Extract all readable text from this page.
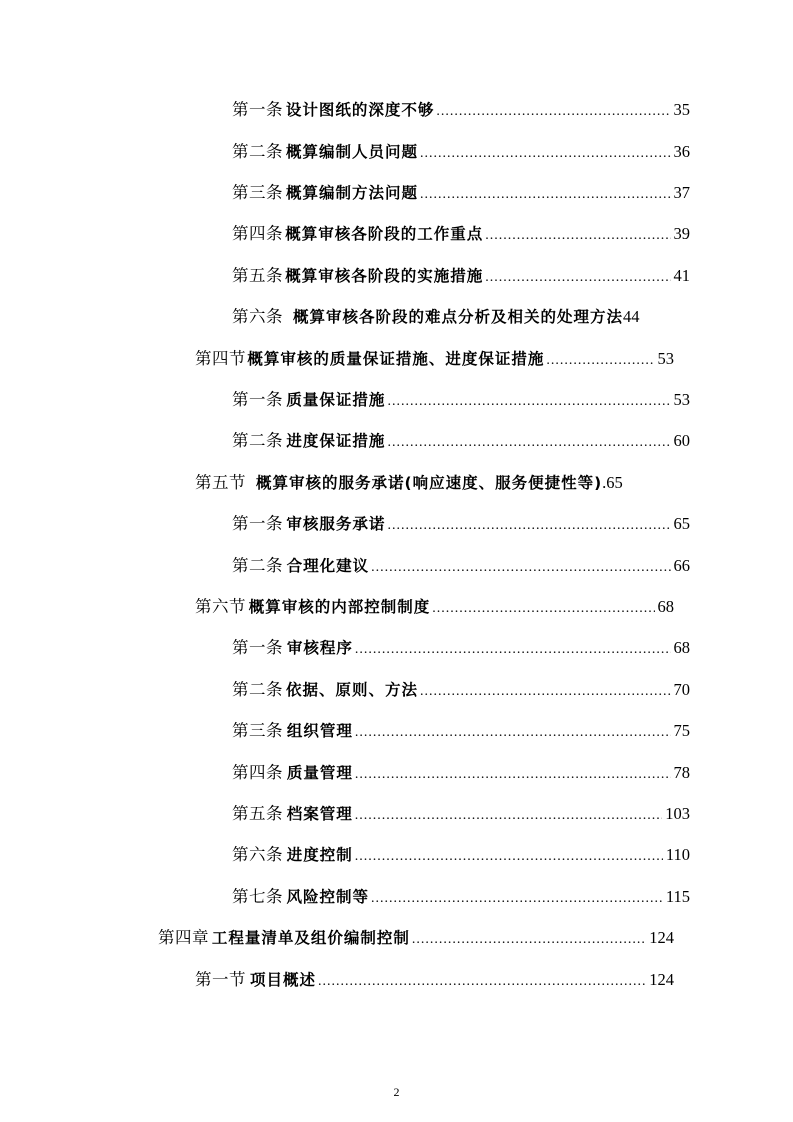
第一条 设计图纸的深度不够 .....	35
第二条 概算编制人员问题 .....	36
第三条 概算编制方法问题 .....	37
第四条 概算审核各阶段的工作重点 .....	39
第五条 概算审核各阶段的实施措施 .....	41
第六条 概算审核各阶段的难点分析及相关的处理方法 44
第四节 概算审核的质量保证措施、进度保证措施 .....	53
第一条 质量保证措施 .....	53
第二条 进度保证措施 .....	60
第五节 概算审核的服务承诺(响应速度、服务便捷性等) .65
第一条 审核服务承诺 .....	65
第二条 合理化建议 .....	66
第六节 概算审核的内部控制制度 .....	68
第一条 审核程序 .....	68
第二条 依据、原则、方法 .....	70
第三条 组织管理 .....	75
第四条 质量管理 .....	78
第五条 档案管理 .....	103
第六条 进度控制 .....	110
第七条 风险控制等 .....	115
第四章 工程量清单及组价编制控制 .....	124
第一节 项目概述 .....	124
2
